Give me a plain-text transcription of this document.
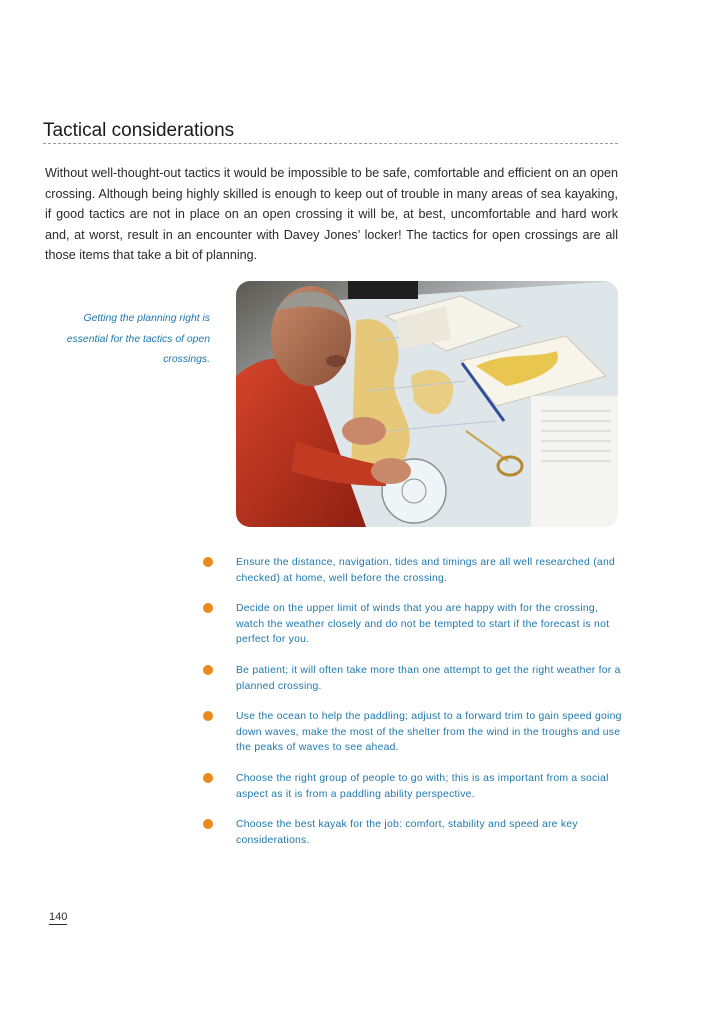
Tactical considerations

Without well-thought-out tactics it would be impossible to be safe, comfortable and efficient on an open crossing. Although being highly skilled is enough to keep out of trouble in many areas of sea kayaking, if good tactics are not in place on an open crossing it will be, at best, uncomfortable and hard work and, at worst, result in an encounter with Davey Jones’ locker! The tactics for open crossings are all those items that take a bit of planning.

Getting the planning right is essential for the tactics of open crossings.

Ensure the distance, navigation, tides and timings are all well researched (and checked) at home, well before the crossing.
Decide on the upper limit of winds that you are happy with for the crossing, watch the weather closely and do not be tempted to start if the forecast is not perfect for you.
Be patient; it will often take more than one attempt to get the right weather for a planned crossing.
Use the ocean to help the paddling; adjust to a forward trim to gain speed going down waves, make the most of the shelter from the wind in the troughs and use the peaks of waves to see ahead.
Choose the right group of people to go with; this is as important from a social aspect as it is from a paddling ability perspective.
Choose the best kayak for the job: comfort, stability and speed are key considerations.
140
